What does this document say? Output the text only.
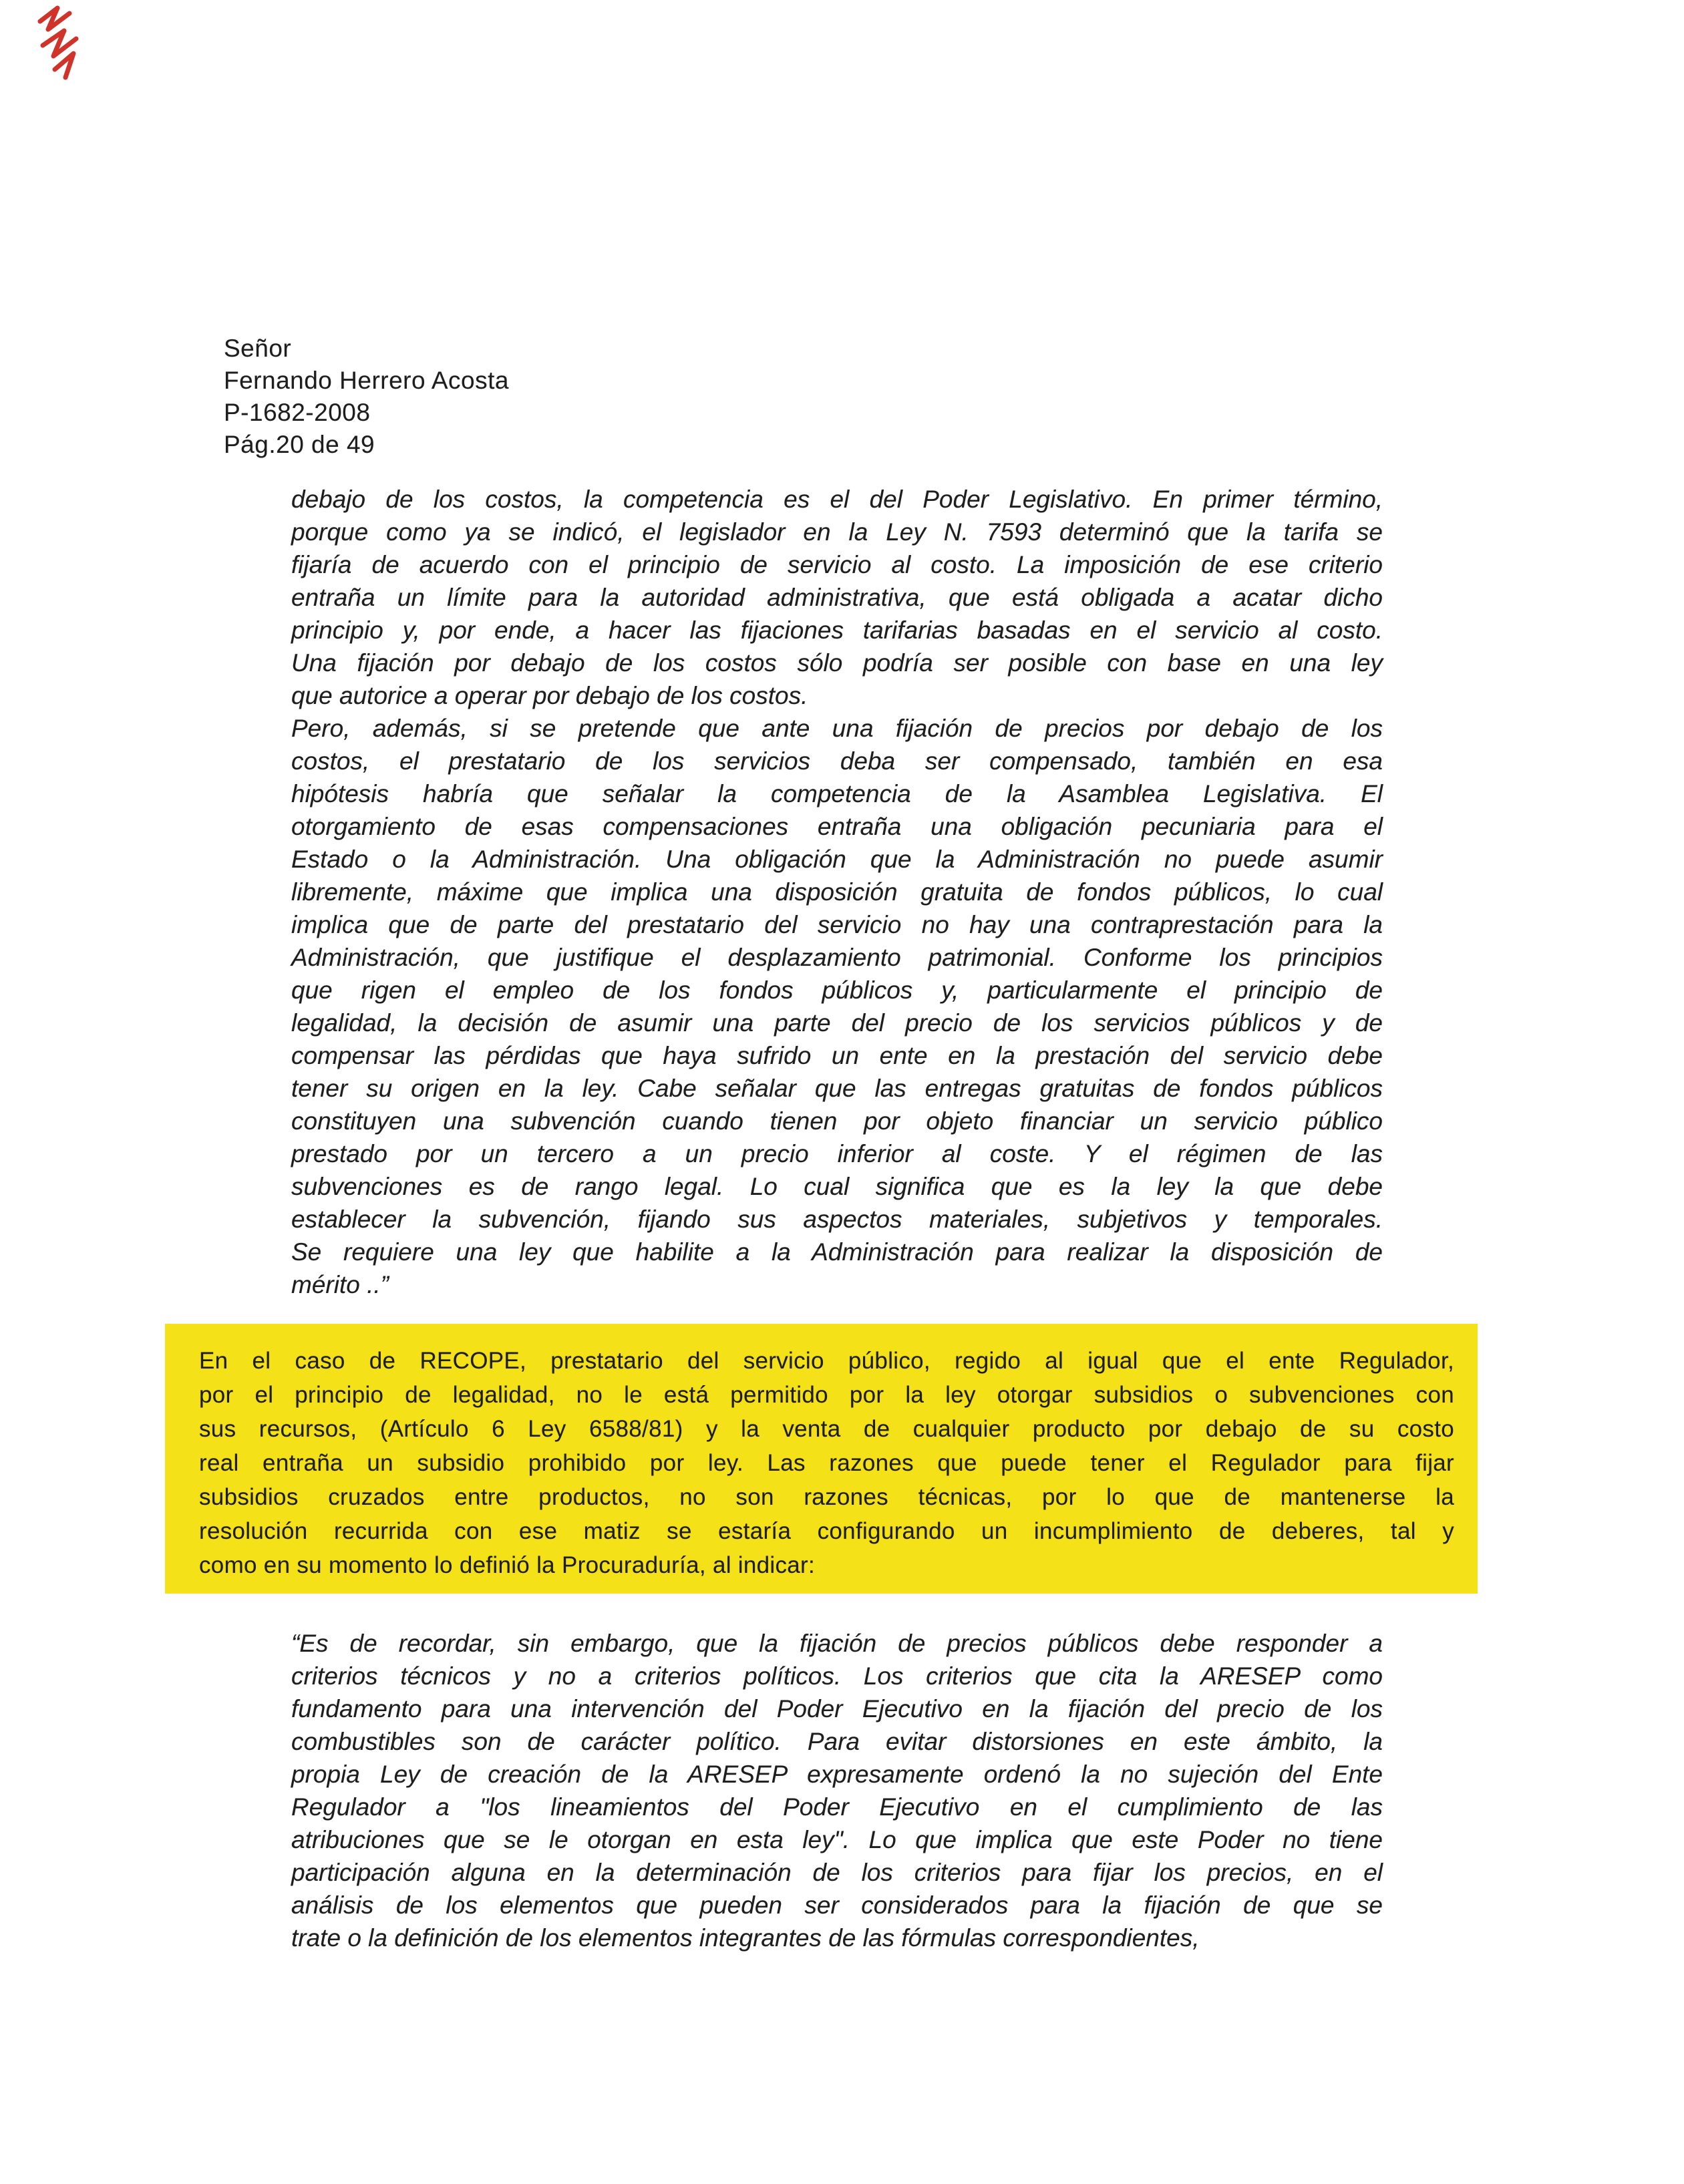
Señor
Fernando Herrero Acosta
P-1682-2008
Pág.20 de 49
debajo de los costos, la competencia es el del Poder Legislativo. En primer término,
porque como ya se indicó, el legislador en la Ley N. 7593 determinó que la tarifa se
fijaría de acuerdo con el principio de servicio al costo. La imposición de ese criterio
entraña un límite para la autoridad administrativa, que está obligada a acatar dicho
principio y, por ende, a hacer las fijaciones tarifarias basadas en el servicio al costo.
Una fijación por debajo de los costos sólo podría ser posible con base en una ley
que autorice a operar por debajo de los costos.
Pero, además, si se pretende que ante una fijación de precios por debajo de los
costos, el prestatario de los servicios deba ser compensado, también en esa
hipótesis habría que señalar la competencia de la Asamblea Legislativa. El
otorgamiento de esas compensaciones entraña una obligación pecuniaria para el
Estado o la Administración. Una obligación que la Administración no puede asumir
libremente, máxime que implica una disposición gratuita de fondos públicos, lo cual
implica que de parte del prestatario del servicio no hay una contraprestación para la
Administración, que justifique el desplazamiento patrimonial. Conforme los principios
que rigen el empleo de los fondos públicos y, particularmente el principio de
legalidad, la decisión de asumir una parte del precio de los servicios públicos y de
compensar las pérdidas que haya sufrido un ente en la prestación del servicio debe
tener su origen en la ley. Cabe señalar que las entregas gratuitas de fondos públicos
constituyen una subvención cuando tienen por objeto financiar un servicio público
prestado por un tercero a un precio inferior al coste. Y el régimen de las
subvenciones es de rango legal. Lo cual significa que es la ley la que debe
establecer la subvención, fijando sus aspectos materiales, subjetivos y temporales.
Se requiere una ley que habilite a la Administración para realizar la disposición de
mérito ..”
En el caso de RECOPE, prestatario del servicio público, regido al igual que el ente Regulador,
por el principio de legalidad, no le está permitido por la ley otorgar subsidios o subvenciones con
sus recursos, (Artículo 6 Ley 6588/81) y la venta de cualquier producto por debajo de su costo
real entraña un subsidio prohibido por ley. Las razones que puede tener el Regulador para fijar
subsidios cruzados entre productos, no son razones técnicas, por lo que de mantenerse la
resolución recurrida con ese matiz se estaría configurando un incumplimiento de deberes, tal y
como en su momento lo definió la Procuraduría, al indicar:
“Es de recordar, sin embargo, que la fijación de precios públicos debe responder a
criterios técnicos y no a criterios políticos. Los criterios que cita la ARESEP como
fundamento para una intervención del Poder Ejecutivo en la fijación del precio de los
combustibles son de carácter político. Para evitar distorsiones en este ámbito, la
propia Ley de creación de la ARESEP expresamente ordenó la no sujeción del Ente
Regulador a "los lineamientos del Poder Ejecutivo en el cumplimiento de las
atribuciones que se le otorgan en esta ley". Lo que implica que este Poder no tiene
participación alguna en la determinación de los criterios para fijar los precios, en el
análisis de los elementos que pueden ser considerados para la fijación de que se
trate o la definición de los elementos integrantes de las fórmulas correspondientes,
